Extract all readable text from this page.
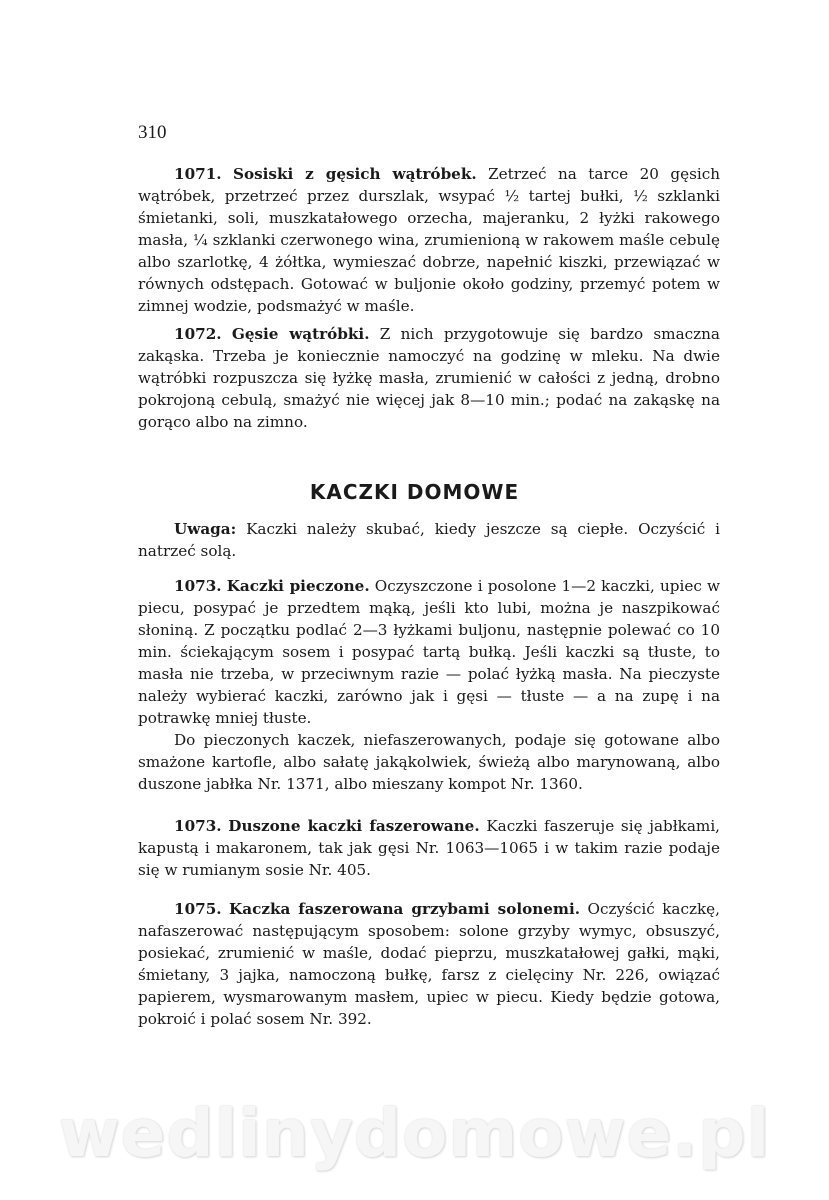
310

1071. Sosiski z gęsich wątróbek. Zetrzeć na tarce 20 gęsich wątróbek, przetrzeć przez durszlak, wsypać ½ tartej bułki, ½ szklanki śmietanki, soli, muszkatałowego orzecha, majeranku, 2 łyżki rakowego masła, ¼ szklanki czerwonego wina, zrumienioną w rakowem maśle cebulę albo szarlotkę, 4 żółtka, wymieszać dobrze, napełnić kiszki, przewiązać w równych odstępach. Gotować w buljonie około godziny, przemyć potem w zimnej wodzie, podsmażyć w maśle.

1072. Gęsie wątróbki. Z nich przygotowuje się bardzo smaczna zakąska. Trzeba je koniecznie namoczyć na godzinę w mleku. Na dwie wątróbki rozpuszcza się łyżkę masła, zrumienić w całości z jedną, drobno pokrojoną cebulą, smażyć nie więcej jak 8—10 min.; podać na zakąskę na gorąco albo na zimno.

KACZKI DOMOWE

Uwaga: Kaczki należy skubać, kiedy jeszcze są ciepłe. Oczyścić i natrzeć solą.

1073. Kaczki pieczone. Oczyszczone i posolone 1—2 kaczki, upiec w piecu, posypać je przedtem mąką, jeśli kto lubi, można je naszpikować słoniną. Z początku podlać 2—3 łyżkami buljonu, następnie polewać co 10 min. ściekającym sosem i posypać tartą bułką. Jeśli kaczki są tłuste, to masła nie trzeba, w przeciwnym razie — polać łyżką masła. Na pieczyste należy wybierać kaczki, zarówno jak i gęsi — tłuste — a na zupę i na potrawkę mniej tłuste.

Do pieczonych kaczek, niefaszerowanych, podaje się gotowane albo smażone kartofle, albo sałatę jakąkolwiek, świeżą albo marynowaną, albo duszone jabłka Nr. 1371, albo mieszany kompot Nr. 1360.

1073. Duszone kaczki faszerowane. Kaczki faszeruje się jabłkami, kapustą i makaronem, tak jak gęsi Nr. 1063—1065 i w takim razie podaje się w rumianym sosie Nr. 405.

1075. Kaczka faszerowana grzybami solonemi. Oczyścić kaczkę, nafaszerować następującym sposobem: solone grzyby wymyc, obsuszyć, posiekać, zrumienić w maśle, dodać pieprzu, muszkatałowej gałki, mąki, śmietany, 3 jajka, namoczoną bułkę, farsz z cielęciny Nr. 226, owiązać papierem, wysmarowanym masłem, upiec w piecu. Kiedy będzie gotowa, pokroić i polać sosem Nr. 392.

wedlinydomowe.pl
